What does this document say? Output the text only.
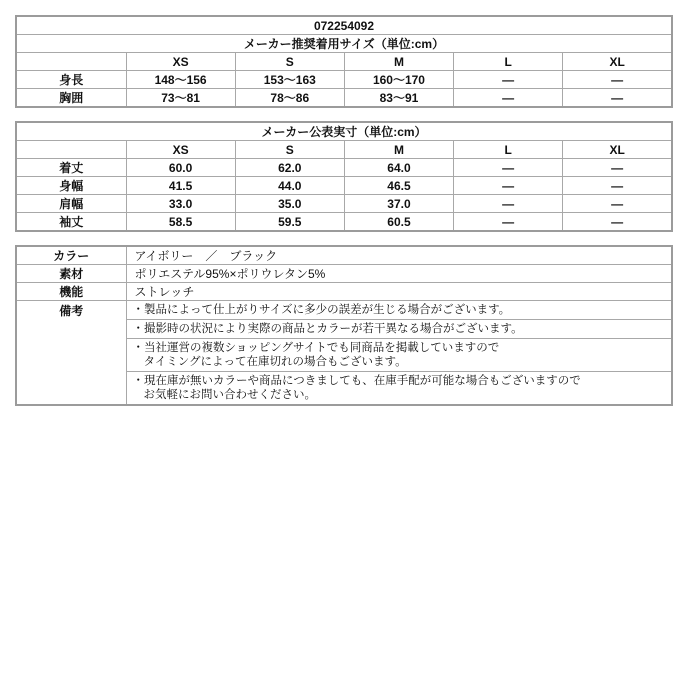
072254092					
メーカー推奨着用サイズ（単位:cm）					
	XS	S	M	L	XL
身長	148～156	153～163	160～170	—	—
胸囲	73～81	78～86	83～91	—	—
メーカー公表実寸（単位:cm）					
	XS	S	M	L	XL
着丈	60.0	62.0	64.0	—	—
身幅	41.5	44.0	46.5	—	—
肩幅	33.0	35.0	37.0	—	—
袖丈	58.5	59.5	60.5	—	—
カラー	アイボリー　／　ブラック
素材	ポリエステル95%×ポリウレタン5%
機能	ストレッチ
備考	・製品によって仕上がりサイズに多少の誤差が生じる場合がございます。

	・撮影時の状況により実際の商品とカラーが若干異なる場合がございます。

	・当社運営の複数ショッピングサイトでも同商品を掲載していますので
タイミングによって在庫切れの場合もございます。

	・現在庫が無いカラーや商品につきましても、在庫手配が可能な場合もございますので
お気軽にお問い合わせください。
